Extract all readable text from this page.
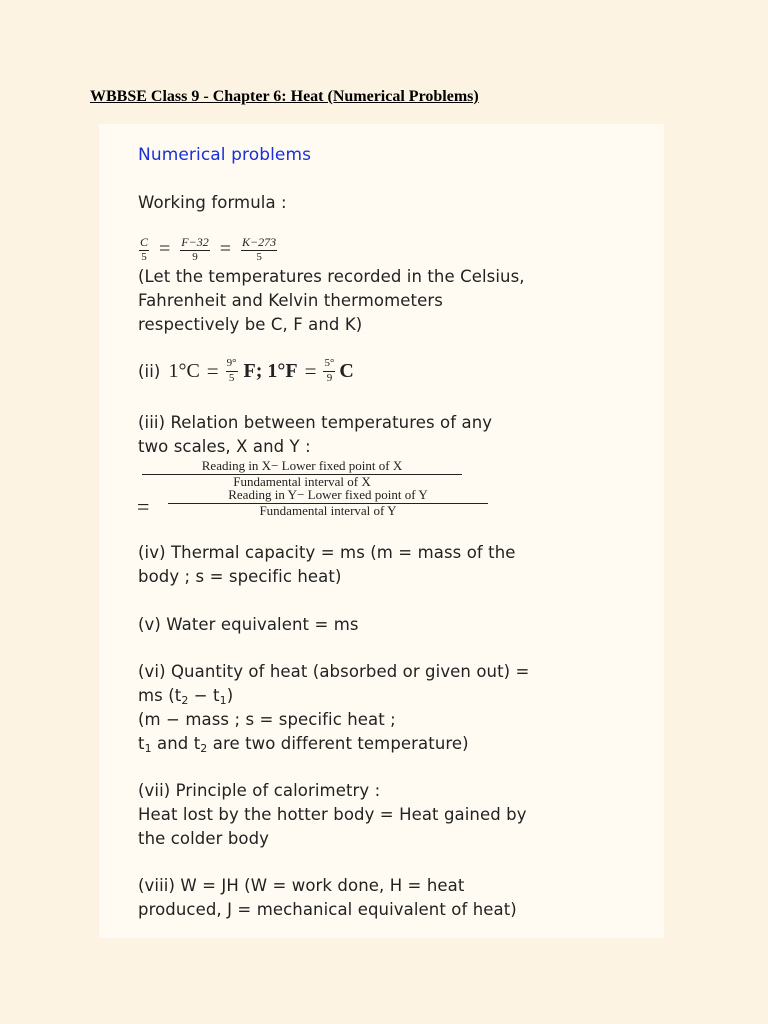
WBBSE Class 9 - Chapter 6: Heat (Numerical Problems)
Numerical problems
Working formula :
$\frac{C}{5} = \frac{F-32}{9} = \frac{K-273}{5}$
(Let the temperatures recorded in the Celsius,
Fahrenheit and Kelvin thermometers
respectively be C, F and K)
(ii) $1^\circ C = \frac{9^\circ}{5} F$; $1^\circ F = \frac{5^\circ}{9}$ C
(iii) Relation between temperatures of any
two scales, X and Y :
Reading in X− Lower fixed point of X
Fundamental interval of X
=	Reading in Y− Lower fixed point of Y
Fundamental interval of Y
(iv) Thermal capacity = ms (m = mass of the
body ; s = specific heat)
(v) Water equivalent = ms
(vi) Quantity of heat (absorbed or given out) =
ms $(t_2 - t_1)$
(m − mass ; s = specific heat ;
$t_1$ and $t_2$ are two different temperature)
(vii) Principle of calorimetry :
Heat lost by the hotter body = Heat gained by
the colder body
(viii) W = JH (W = work done, H = heat
produced, J = mechanical equivalent of heat)
